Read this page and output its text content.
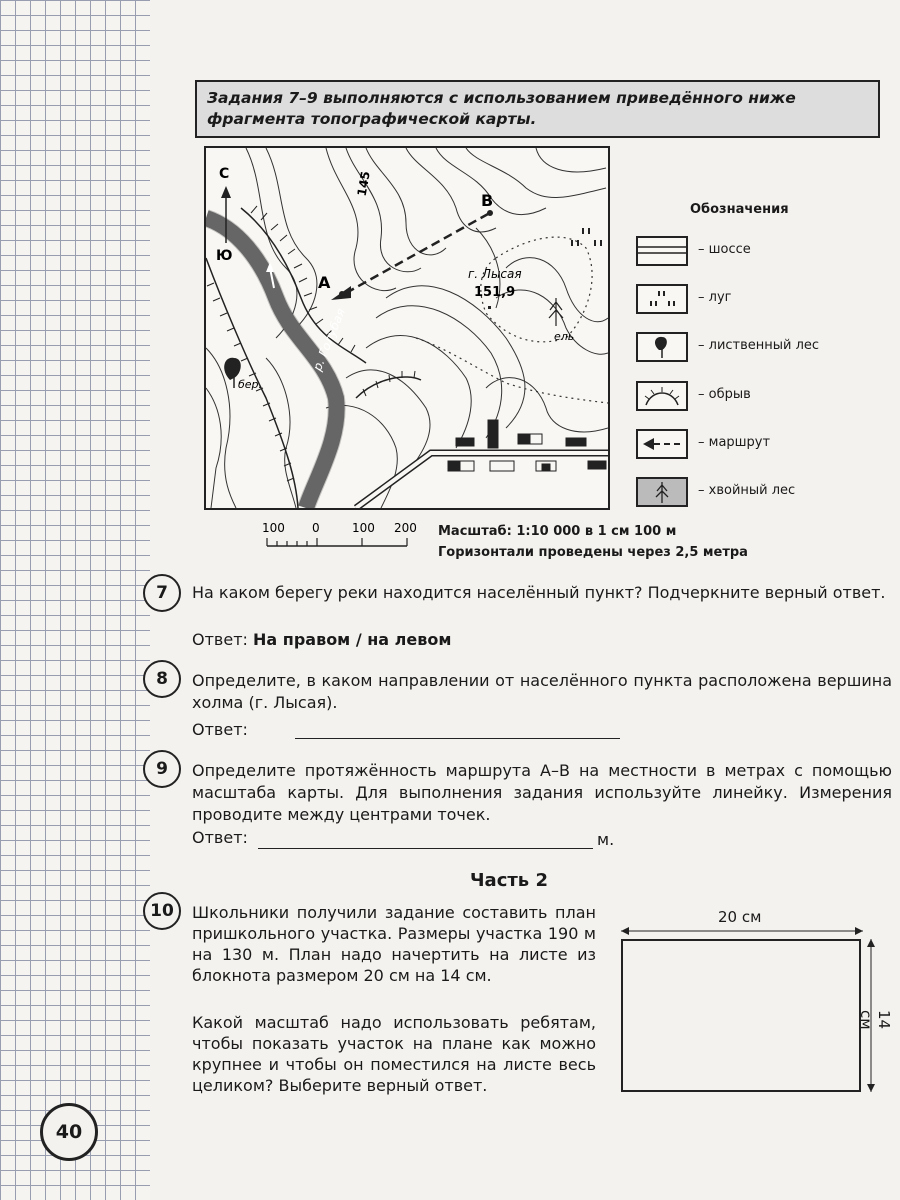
40
Задания 7–9 выполняются с использованием приведённого ниже фрагмента топографической карты.
С
Ю
145
A
B
г. Лысая
151,9
р. Голубая
бер.
ель
Обозначения
– шоссе
– луг
– лиственный лес
– обрыв
– маршрут
– хвойный лес
100 0	100 200 Масштаб: 1:10 000 в 1 см 100 м
Горизонтали проведены через 2,5 метра
7	На каком берегу реки находится населённый пункт? Подчеркните верный ответ.
Ответ: На правом / на левом
8	Определите, в каком направлении от населённого пункта расположена вершина холма (г. Лысая).
Ответ:
9	Определите протяжённость маршрута А–В на местности в метрах с помощью масштаба карты. Для выполнения задания используйте линейку. Измерения проводите между центрами точек.
Ответ:	м.
Часть 2
10	Школьники получили задание составить план пришкольного участка. Размеры участка 190 м на 130 м. План надо начертить на листе из блокнота размером 20 см на 14 см.
Какой масштаб надо использовать ребятам, чтобы показать участок на плане как можно крупнее и чтобы он поместился на листе весь целиком? Выберите верный ответ.
20 см
14 см
